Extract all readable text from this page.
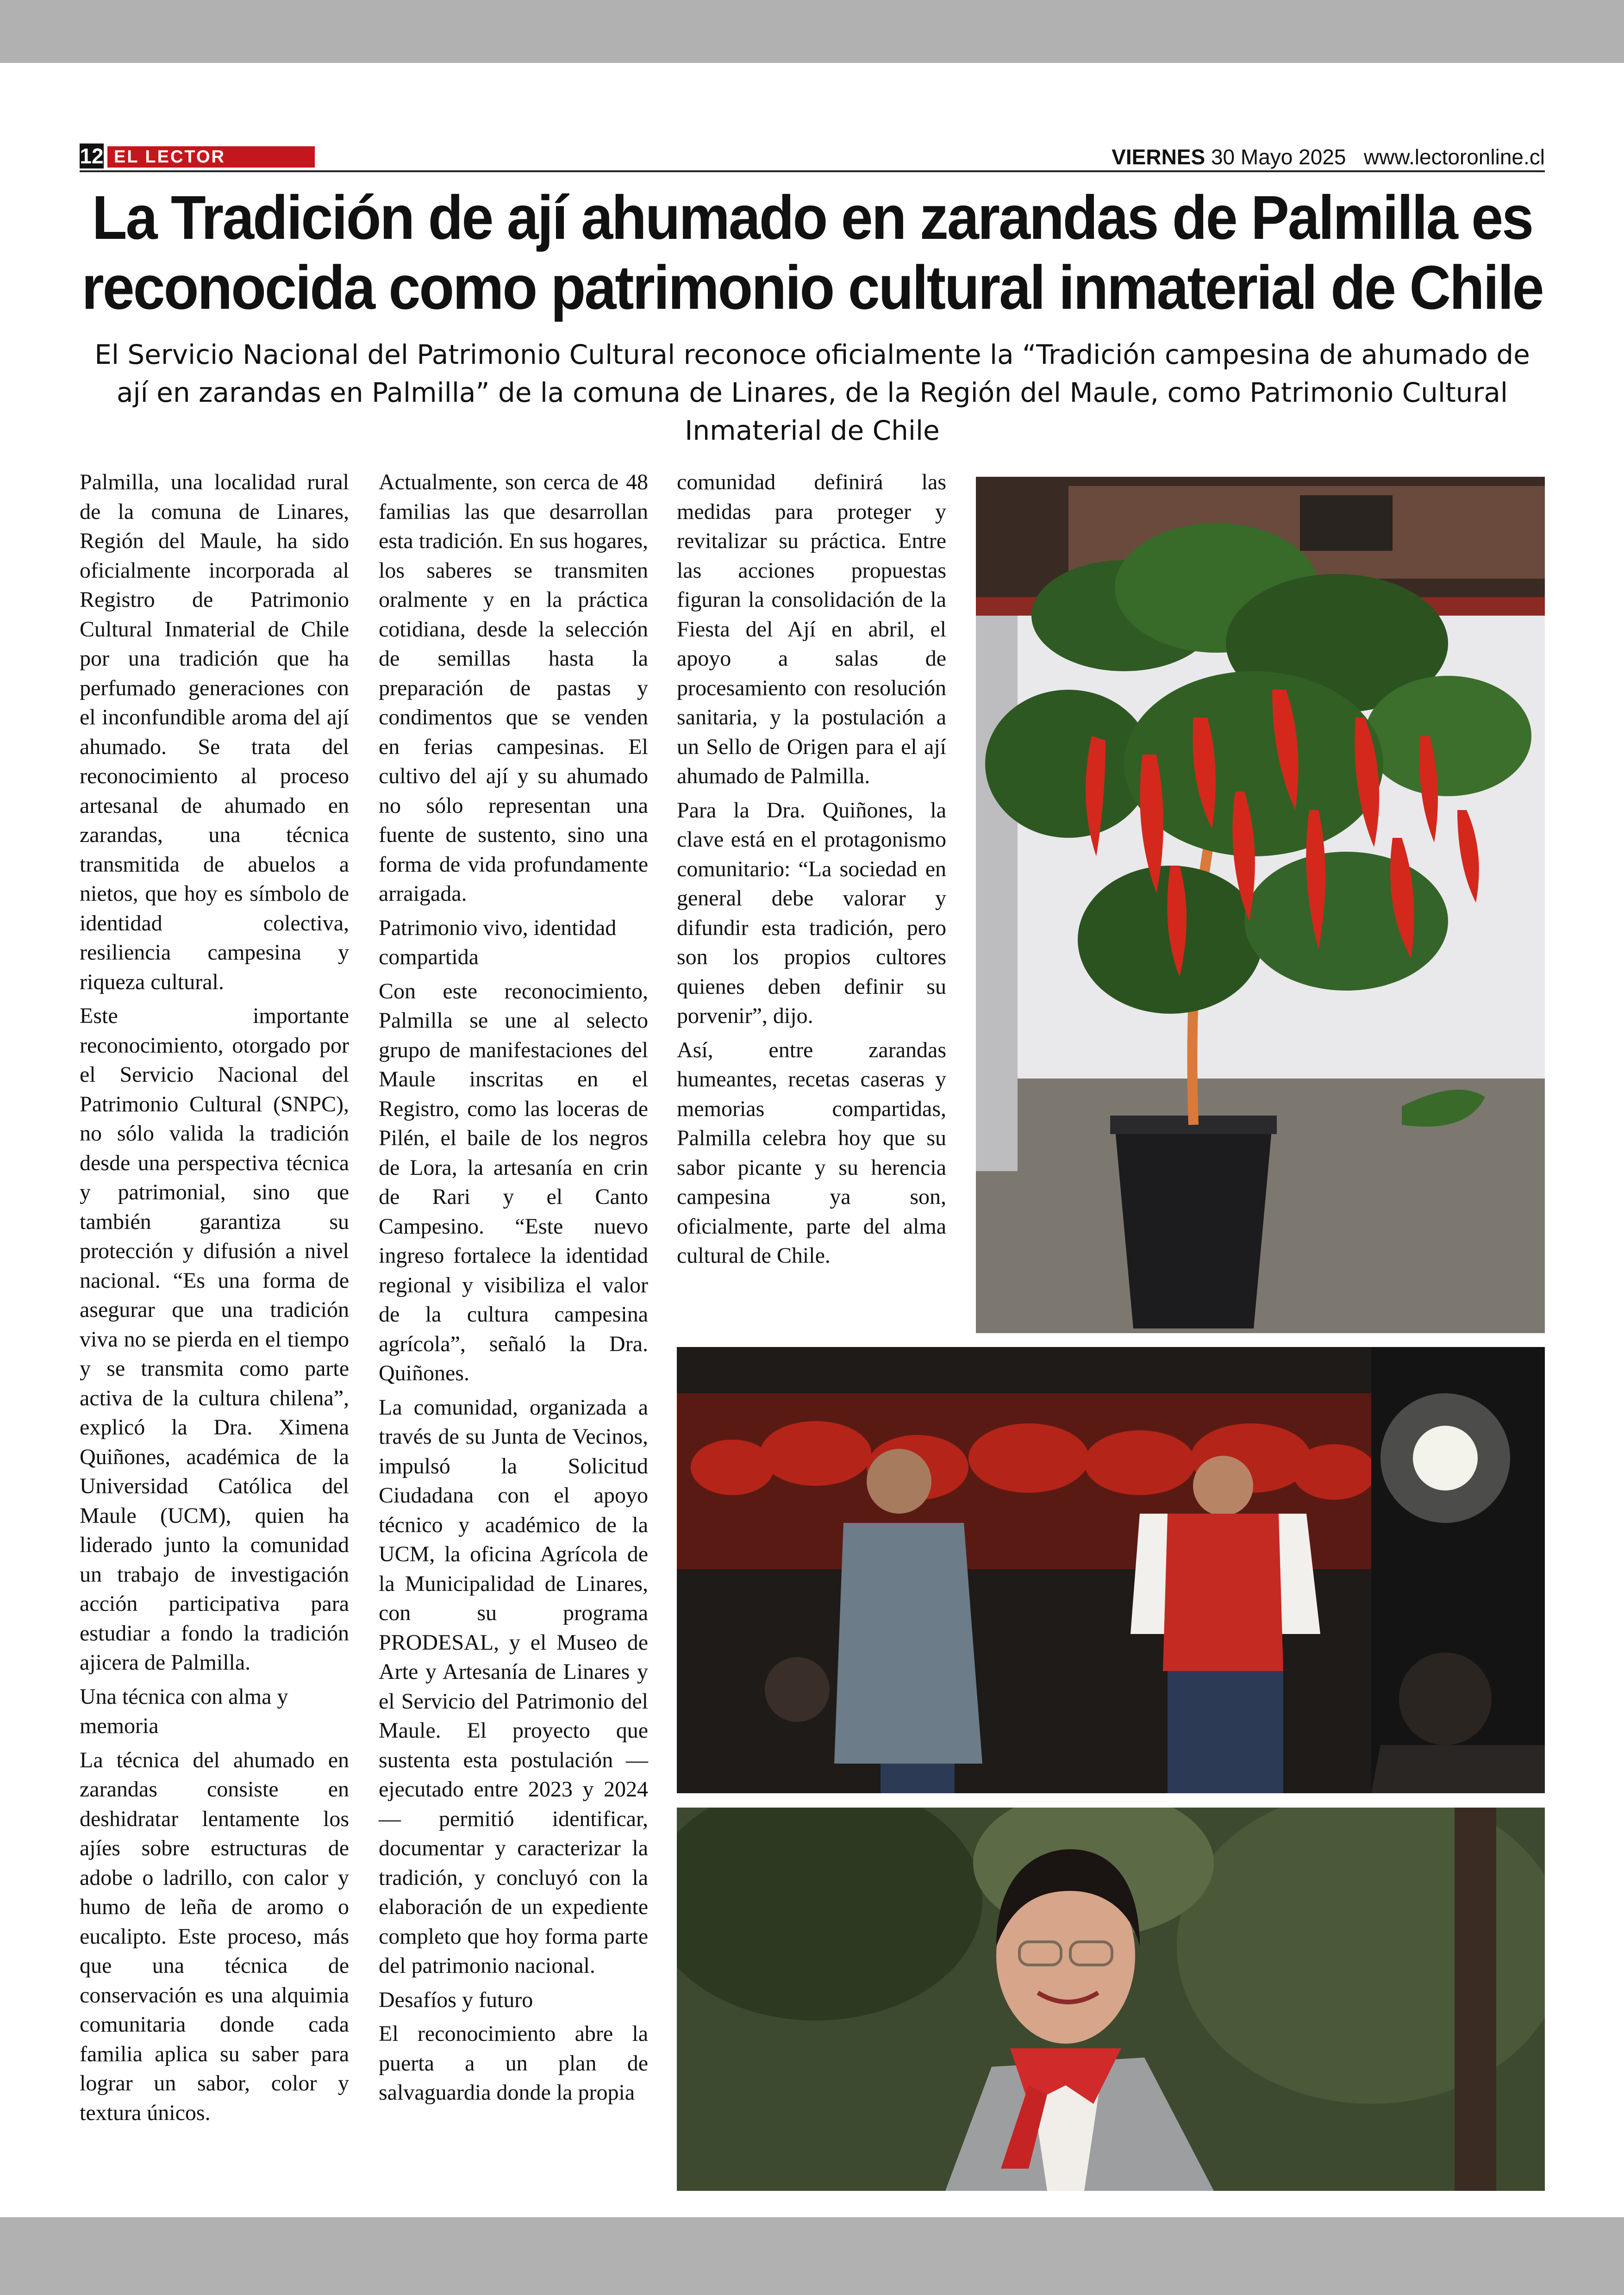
12 EL LECTOR	VIERNES 30 Mayo 2025 www.lectoronline.cl
La Tradición de ají ahumado en zarandas de Palmilla es reconocida como patrimonio cultural inmaterial de Chile

El Servicio Nacional del Patrimonio Cultural reconoce oficialmente la “Tradición campesina de ahumado de ají en zarandas en Palmilla” de la comuna de Linares, de la Región del Maule, como Patrimonio Cultural Inmaterial de Chile

Palmilla, una localidad rural de la comuna de Linares, Región del Maule, ha sido oficialmente incorporada al Registro de Patrimonio Cultural Inmaterial de Chile por una tradición que ha perfumado generaciones con el inconfundible aroma del ají ahumado. Se trata del reconocimiento al proceso artesanal de ahumado en zarandas, una técnica transmitida de abuelos a nietos, que hoy es símbolo de identidad colectiva, resiliencia campesina y riqueza cultural.

Este importante reconocimiento, otorgado por el Servicio Nacional del Patrimonio Cultural (SNPC), no sólo valida la tradición desde una perspectiva técnica y patrimonial, sino que también garantiza su protección y difusión a nivel nacional. “Es una forma de asegurar que una tradición viva no se pierda en el tiempo y se transmita como parte activa de la cultura chilena”, explicó la Dra. Ximena Quiñones, académica de la Universidad Católica del Maule (UCM), quien ha liderado junto la comunidad un trabajo de investigación acción participativa para estudiar a fondo la tradición ajicera de Palmilla.

Una técnica con alma y memoria

La técnica del ahumado en zarandas consiste en deshidratar lentamente los ajíes sobre estructuras de adobe o ladrillo, con calor y humo de leña de aromo o eucalipto. Este proceso, más que una técnica de conservación es una alquimia comunitaria donde cada familia aplica su saber para lograr un sabor, color y textura únicos.

Actualmente, son cerca de 48 familias las que desarrollan esta tradición. En sus hogares, los saberes se transmiten oralmente y en la práctica cotidiana, desde la selección de semillas hasta la preparación de pastas y condimentos que se venden en ferias campesinas. El cultivo del ají y su ahumado no sólo representan una fuente de sustento, sino una forma de vida profundamente arraigada.

Patrimonio vivo, identidad compartida

Con este reconocimiento, Palmilla se une al selecto grupo de manifestaciones del Maule inscritas en el Registro, como las loceras de Pilén, el baile de los negros de Lora, la artesanía en crin de Rari y el Canto Campesino. “Este nuevo ingreso fortalece la identidad regional y visibiliza el valor de la cultura campesina agrícola”, señaló la Dra. Quiñones.

La comunidad, organizada a través de su Junta de Vecinos, impulsó la Solicitud Ciudadana con el apoyo técnico y académico de la UCM, la oficina Agrícola de la Municipalidad de Linares, con su programa PRODESAL, y el Museo de Arte y Artesanía de Linares y el Servicio del Patrimonio del Maule. El proyecto que sustenta esta postulación —ejecutado entre 2023 y 2024— permitió identificar, documentar y caracterizar la tradición, y concluyó con la elaboración de un expediente completo que hoy forma parte del patrimonio nacional.

Desafíos y futuro

El reconocimiento abre la puerta a un plan de salvaguardia donde la propia

comunidad definirá las medidas para proteger y revitalizar su práctica. Entre las acciones propuestas figuran la consolidación de la Fiesta del Ají en abril, el apoyo a salas de procesamiento con resolución sanitaria, y la postulación a un Sello de Origen para el ají ahumado de Palmilla.

Para la Dra. Quiñones, la clave está en el protagonismo comunitario: “La sociedad en general debe valorar y difundir esta tradición, pero son los propios cultores quienes deben definir su porvenir”, dijo.

Así, entre zarandas humeantes, recetas caseras y memorias compartidas, Palmilla celebra hoy que su sabor picante y su herencia campesina ya son, oficialmente, parte del alma cultural de Chile.
